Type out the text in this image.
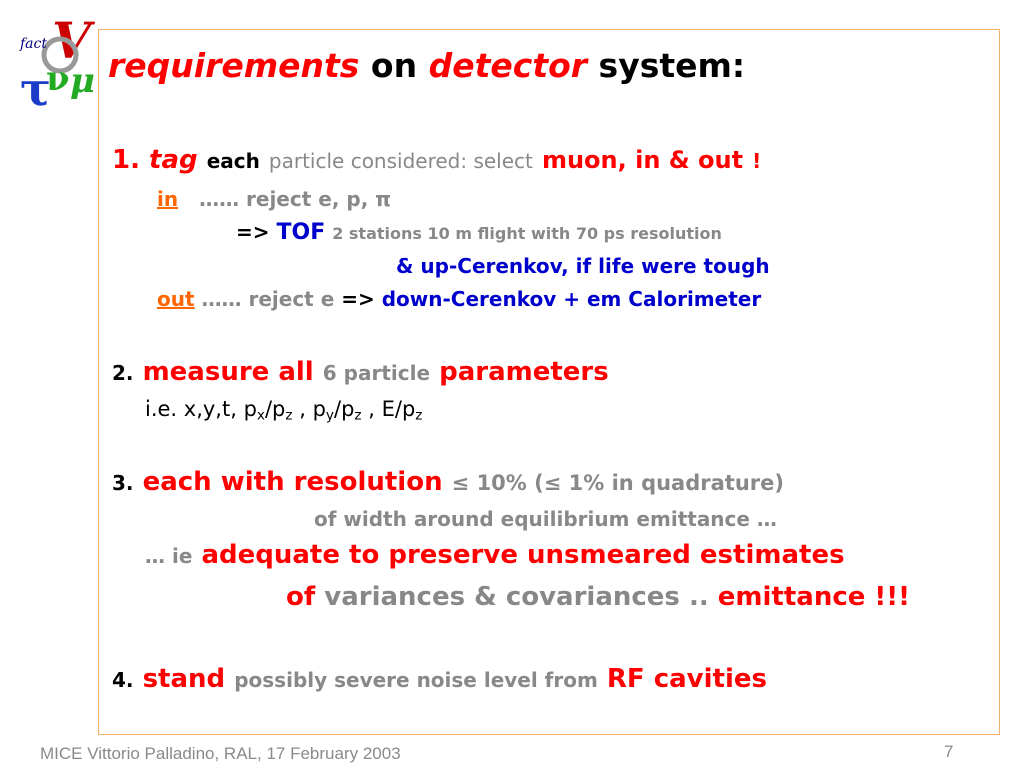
V
fact
τ
ν μ requirements on detector system:
1. tag each particle considered: select muon, in & out !
in …… reject e, p, π
=> TOF 2 stations 10 m flight with 70 ps resolution
& up-Cerenkov, if life were tough
out …… reject e => down-Cerenkov + em Calorimeter
2. measure all 6 particle parameters
i.e. x,y,t, $p_x/p_z$ , $p_y/p_z$ , $E/p_z$
3. each with resolution ≤ 10% (≤ 1% in quadrature)
of width around equilibrium emittance …
… ie adequate to preserve unsmeared estimates
of variances & covariances .. emittance !!!
4. stand possibly severe noise level from RF cavities
MICE Vittorio Palladino, RAL, 17 February 2003	7
